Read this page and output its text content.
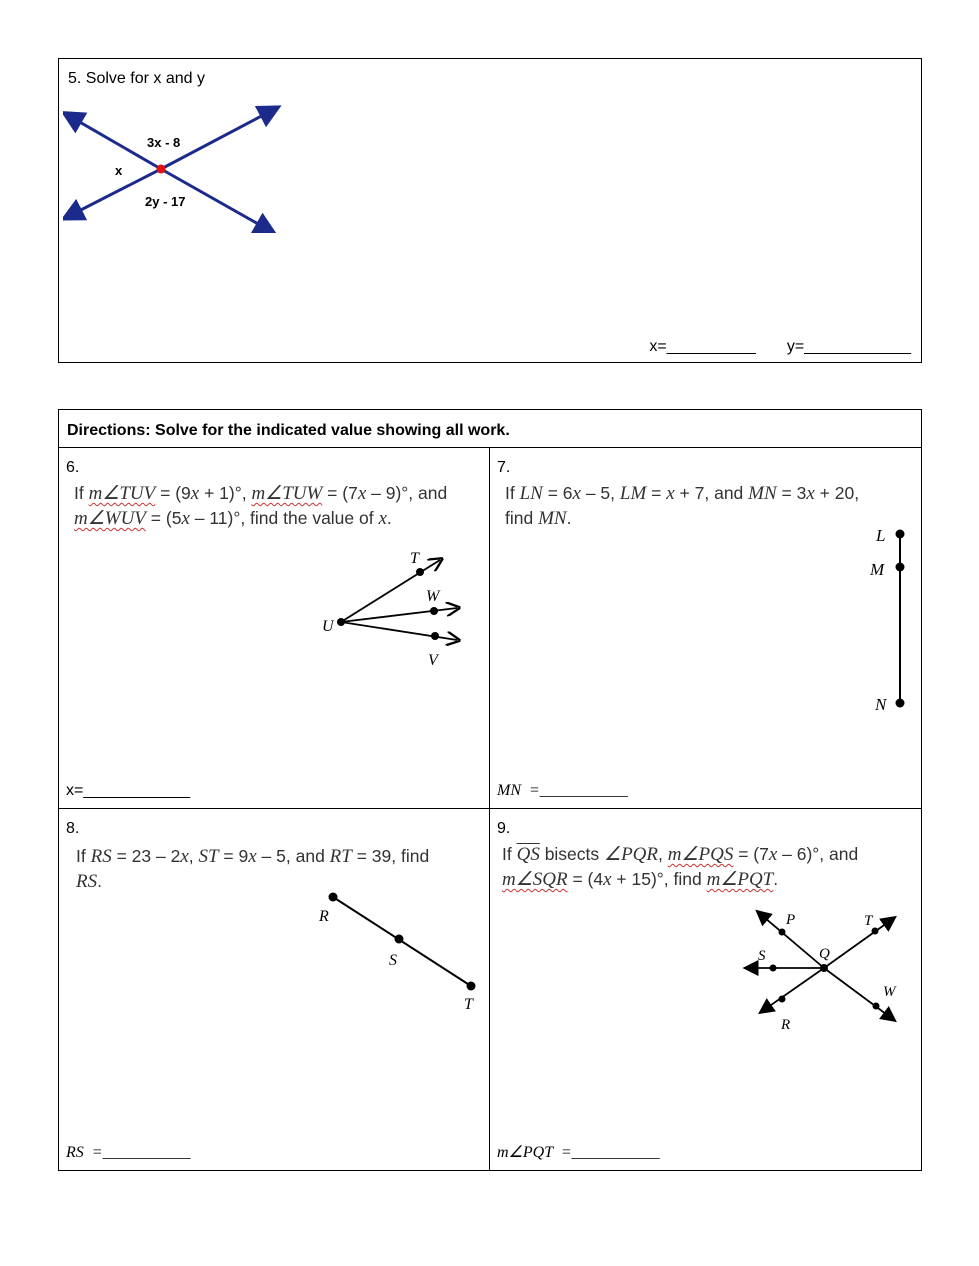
5. Solve for x and y
3x - 8
x
2y - 17
x=__________ y=____________
Directions: Solve for the indicated value showing all work.
6.
If m∠TUV = (9x + 1)°, m∠TUW = (7x – 9)°, and
m∠WUV = (5x – 11)°, find the value of x.
T
W
U
V
x=____________
7.
If LN = 6x – 5, LM = x + 7, and MN = 3x + 20,
find MN.
L
M
N
MN  =___________
8.
If RS = 23 – 2x, ST = 9x – 5, and RT = 39, find
RS.
R
S
T
RS  =___________
9.
If $\overline{QS}$ bisects ∠PQR, m∠PQS = (7x – 6)°, and
m∠SQR = (4x + 15)°, find m∠PQT.
P	T
S	Q
W
R
m∠PQT  =___________
